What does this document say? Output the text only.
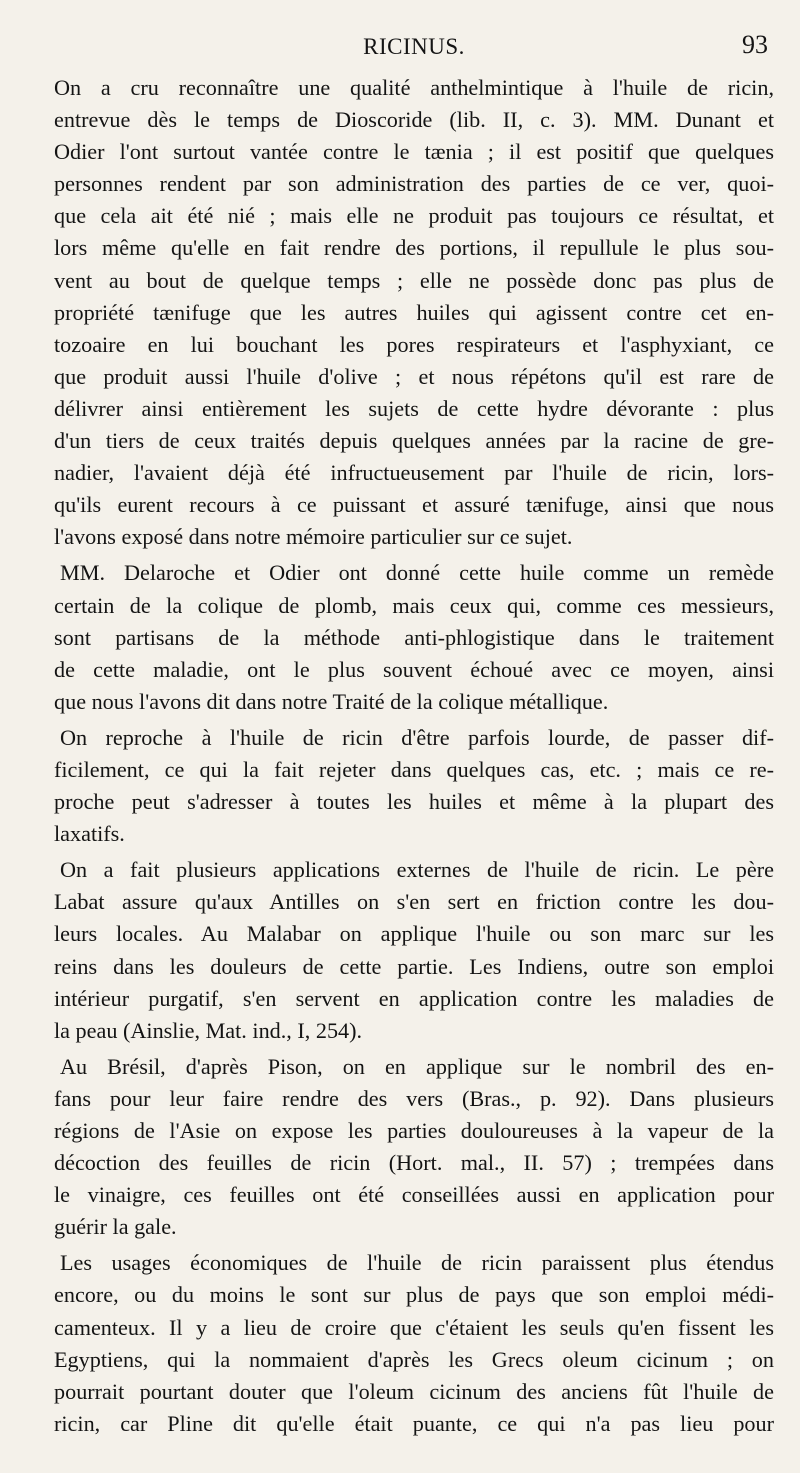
RICINUS.	93

On a cru reconnaître une qualité anthelmintique à l'huile de ricin,
entrevue dès le temps de Dioscoride (lib. II, c. 3). MM. Dunant et
Odier l'ont surtout vantée contre le tænia ; il est positif que quelques
personnes rendent par son administration des parties de ce ver, quoi-
que cela ait été nié ; mais elle ne produit pas toujours ce résultat, et
lors même qu'elle en fait rendre des portions, il repullule le plus sou-
vent au bout de quelque temps ; elle ne possède donc pas plus de
propriété tænifuge que les autres huiles qui agissent contre cet en-
tozoaire en lui bouchant les pores respirateurs et l'asphyxiant, ce
que produit aussi l'huile d'olive ; et nous répétons qu'il est rare de
délivrer ainsi entièrement les sujets de cette hydre dévorante : plus
d'un tiers de ceux traités depuis quelques années par la racine de gre-
nadier, l'avaient déjà été infructueusement par l'huile de ricin, lors-
qu'ils eurent recours à ce puissant et assuré tænifuge, ainsi que nous
l'avons exposé dans notre mémoire particulier sur ce sujet.

MM. Delaroche et Odier ont donné cette huile comme un remède
certain de la colique de plomb, mais ceux qui, comme ces messieurs,
sont partisans de la méthode anti-phlogistique dans le traitement
de cette maladie, ont le plus souvent échoué avec ce moyen, ainsi
que nous l'avons dit dans notre Traité de la colique métallique.

On reproche à l'huile de ricin d'être parfois lourde, de passer dif-
ficilement, ce qui la fait rejeter dans quelques cas, etc. ; mais ce re-
proche peut s'adresser à toutes les huiles et même à la plupart des
laxatifs.

On a fait plusieurs applications externes de l'huile de ricin. Le père
Labat assure qu'aux Antilles on s'en sert en friction contre les dou-
leurs locales. Au Malabar on applique l'huile ou son marc sur les
reins dans les douleurs de cette partie. Les Indiens, outre son emploi
intérieur purgatif, s'en servent en application contre les maladies de
la peau (Ainslie, Mat. ind., I, 254).

Au Brésil, d'après Pison, on en applique sur le nombril des en-
fans pour leur faire rendre des vers (Bras., p. 92). Dans plusieurs
régions de l'Asie on expose les parties douloureuses à la vapeur de la
décoction des feuilles de ricin (Hort. mal., II. 57) ; trempées dans
le vinaigre, ces feuilles ont été conseillées aussi en application pour
guérir la gale.

Les usages économiques de l'huile de ricin paraissent plus étendus
encore, ou du moins le sont sur plus de pays que son emploi médi-
camenteux. Il y a lieu de croire que c'étaient les seuls qu'en fissent les
Egyptiens, qui la nommaient d'après les Grecs oleum cicinum ; on
pourrait pourtant douter que l'oleum cicinum des anciens fût l'huile de
ricin, car Pline dit qu'elle était puante, ce qui n'a pas lieu pour
